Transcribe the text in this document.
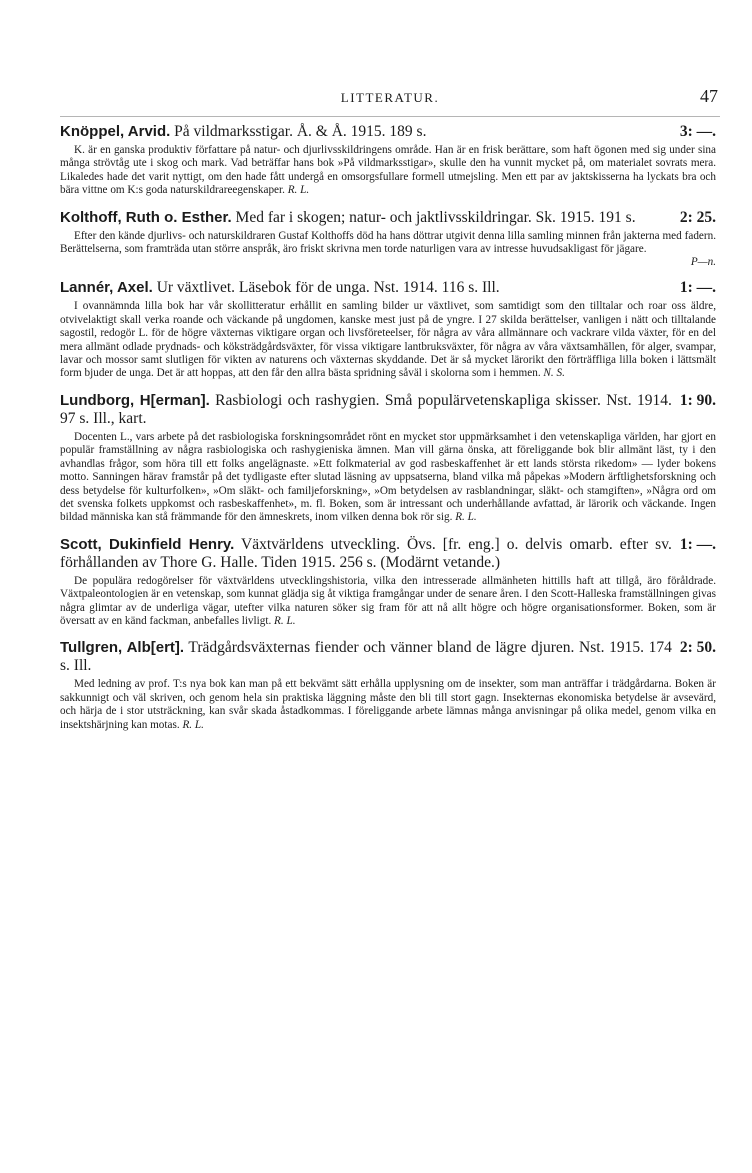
LITTERATUR.	47
3: —.
Knöppel, Arvid. På vildmarksstigar. Å. & Å. 1915. 189 s.
K. är en ganska produktiv författare på natur- och djurlivsskildringens område. Han är en frisk berättare, som haft ögonen med sig under sina många strövtåg ute i skog och mark. Vad beträffar hans bok »På vildmarksstigar», skulle den ha vunnit mycket på, om materialet sovrats mera. Likaledes hade det varit nyttigt, om den hade fått undergå en omsorgsfullare formell utmejsling. Men ett par av jaktskisserna ha lyckats bra och bära vittne om K:s goda naturskildrareegenskaper. R. L.
2: 25.
Kolthoff, Ruth o. Esther. Med far i skogen; natur- och jaktlivsskildringar. Sk. 1915. 191 s.
Efter den kände djurlivs- och naturskildraren Gustaf Kolthoffs död ha hans döttrar utgivit denna lilla samling minnen från jakterna med fadern. Berättelserna, som framträda utan större anspråk, äro friskt skrivna men torde naturligen vara av intresse huvudsakligast för jägare.
P—n.
1: —.
Lannér, Axel. Ur växtlivet. Läsebok för de unga. Nst. 1914. 116 s. Ill.
I ovannämnda lilla bok har vår skollitteratur erhållit en samling bilder ur växtlivet, som samtidigt som den tilltalar och roar oss äldre, otvivelaktigt skall verka roande och väckande på ungdomen, kanske mest just på de yngre. I 27 skilda berättelser, vanligen i nätt och tilltalande sagostil, redogör L. för de högre växternas viktigare organ och livsföreteelser, för några av våra allmännare och vackrare vilda växter, för en del mera allmänt odlade prydnads- och köksträdgårdsväxter, för vissa viktigare lantbruksväxter, för några av våra växtsamhällen, för alger, svampar, lavar och mossor samt slutligen för vikten av naturens och växternas skyddande. Det är så mycket lärorikt den förträffliga lilla boken i lättsmält form bjuder de unga. Det är att hoppas, att den får den allra bästa spridning såväl i skolorna som i hemmen. N. S.
1: 90.
Lundborg, H[erman]. Rasbiologi och rashygien. Små populärvetenskapliga skisser. Nst. 1914. 97 s. Ill., kart.
Docenten L., vars arbete på det rasbiologiska forskningsområdet rönt en mycket stor uppmärksamhet i den vetenskapliga världen, har gjort en populär framställning av några rasbiologiska och rashygieniska ämnen. Man vill gärna önska, att föreliggande bok blir allmänt läst, ty i den avhandlas frågor, som höra till ett folks angelägnaste. »Ett folkmaterial av god rasbeskaffenhet är ett lands största rikedom» — lyder bokens motto. Sanningen härav framstår på det tydligaste efter slutad läsning av uppsatserna, bland vilka må påpekas »Modern ärftlighetsforskning och dess betydelse för kulturfolken», »Om släkt- och familjeforskning», »Om betydelsen av rasblandningar, släkt- och stamgiften», »Några ord om det svenska folkets uppkomst och rasbeskaffenhet», m. fl. Boken, som är intressant och underhållande avfattad, är lärorik och väckande. Ingen bildad människa kan stå främmande för den ämneskrets, inom vilken denna bok rör sig. R. L.
1: —.
Scott, Dukinfield Henry. Växtvärldens utveckling. Övs. [fr. eng.] o. delvis omarb. efter sv. förhållanden av Thore G. Halle. Tiden 1915. 256 s. (Modärnt vetande.)
De populära redogörelser för växtvärldens utvecklingshistoria, vilka den intresserade allmänheten hittills haft att tillgå, äro föråldrade. Växtpaleontologien är en vetenskap, som kunnat glädja sig åt viktiga framgångar under de senare åren. I den Scott-Halleska framställningen givas några glimtar av de underliga vägar, utefter vilka naturen söker sig fram för att nå allt högre och högre organisationsformer. Boken, som är översatt av en känd fackman, anbefalles livligt. R. L.
2: 50.
Tullgren, Alb[ert]. Trädgårdsväxternas fiender och vänner bland de lägre djuren. Nst. 1915. 174 s. Ill.
Med ledning av prof. T:s nya bok kan man på ett bekvämt sätt erhålla upplysning om de insekter, som man anträffar i trädgårdarna. Boken är sakkunnigt och väl skriven, och genom hela sin praktiska läggning måste den bli till stort gagn. Insekternas ekonomiska betydelse är avsevärd, och härja de i stor utsträckning, kan svår skada åstadkommas. I föreliggande arbete lämnas många anvisningar på olika medel, genom vilka en insektshärjning kan motas. R. L.
